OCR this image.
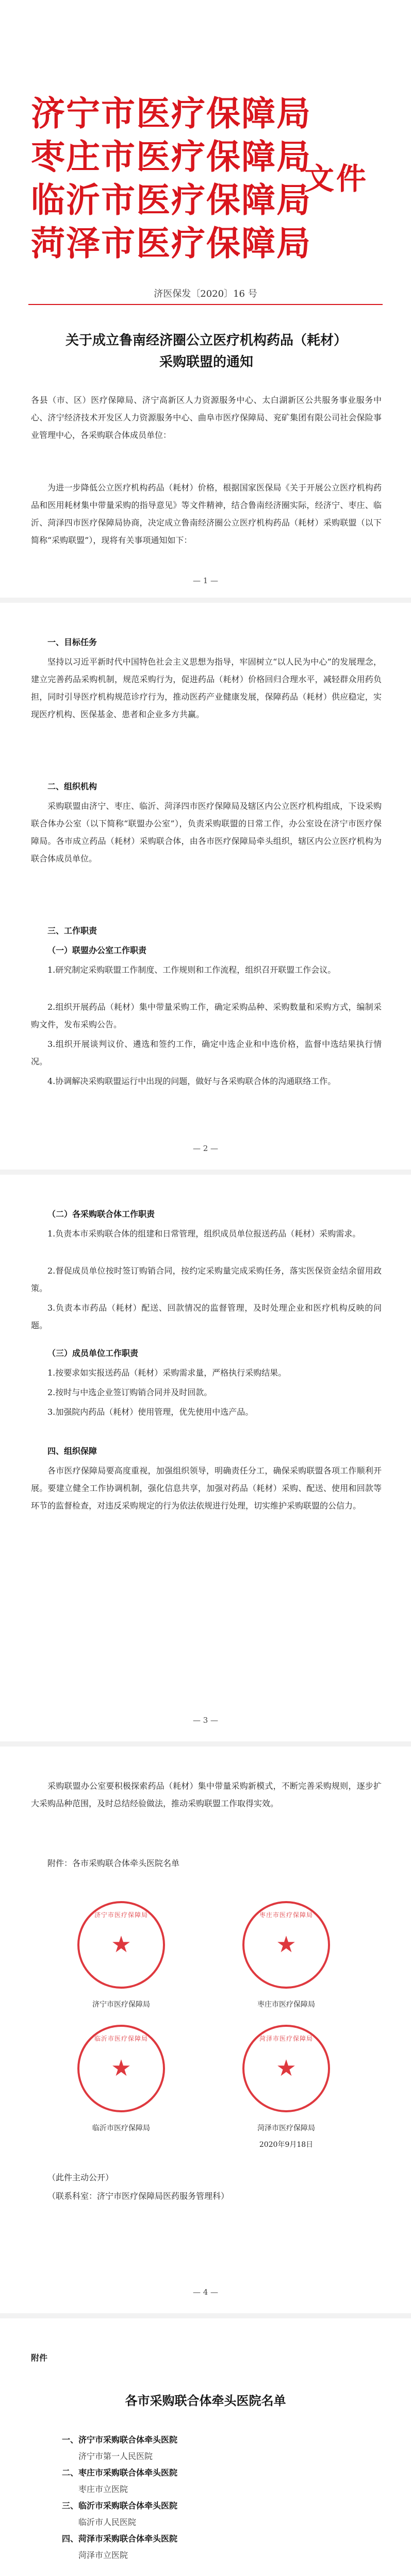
济宁市医疗保障局
枣庄市医疗保障局
临沂市医疗保障局
菏泽市医疗保障局
文件
济医保发〔2020〕16 号
关于成立鲁南经济圈公立医疗机构药品（耗材）
采购联盟的通知
各县（市、区）医疗保障局、济宁高新区人力资源服务中心、太白湖新区公共服务事业服务中心、济宁经济技术开发区人力资源服务中心、曲阜市医疗保障局、兖矿集团有限公司社会保险事业管理中心，各采购联合体成员单位：
为进一步降低公立医疗机构药品（耗材）价格，根据国家医保局《关于开展公立医疗机构药品和医用耗材集中带量采购的指导意见》等文件精神，结合鲁南经济圈实际，经济宁、枣庄、临沂、菏泽四市医疗保障局协商，决定成立鲁南经济圈公立医疗机构药品（耗材）采购联盟（以下简称“采购联盟”），现将有关事项通知如下：
— 1 —
一、目标任务
坚持以习近平新时代中国特色社会主义思想为指导，牢固树立“以人民为中心”的发展理念，建立完善药品采购机制，规范采购行为，促进药品（耗材）价格回归合理水平，减轻群众用药负担，同时引导医疗机构规范诊疗行为，推动医药产业健康发展，保障药品（耗材）供应稳定，实现医疗机构、医保基金、患者和企业多方共赢。
二、组织机构
采购联盟由济宁、枣庄、临沂、菏泽四市医疗保障局及辖区内公立医疗机构组成，下设采购联合体办公室（以下简称“联盟办公室”），负责采购联盟的日常工作，办公室设在济宁市医疗保障局。各市成立药品（耗材）采购联合体，由各市医疗保障局牵头组织，辖区内公立医疗机构为联合体成员单位。
三、工作职责
（一）联盟办公室工作职责
1.研究制定采购联盟工作制度、工作规则和工作流程，组织召开联盟工作会议。
2.组织开展药品（耗材）集中带量采购工作，确定采购品种、采购数量和采购方式，编制采购文件，发布采购公告。
3.组织开展谈判议价、遴选和签约工作，确定中选企业和中选价格，监督中选结果执行情况。
4.协调解决采购联盟运行中出现的问题，做好与各采购联合体的沟通联络工作。
— 2 —
（二）各采购联合体工作职责
1.负责本市采购联合体的组建和日常管理，组织成员单位报送药品（耗材）采购需求。
2.督促成员单位按时签订购销合同，按约定采购量完成采购任务，落实医保资金结余留用政策。
3.负责本市药品（耗材）配送、回款情况的监督管理，及时处理企业和医疗机构反映的问题。
（三）成员单位工作职责
1.按要求如实报送药品（耗材）采购需求量，严格执行采购结果。
2.按时与中选企业签订购销合同并及时回款。
3.加强院内药品（耗材）使用管理，优先使用中选产品。
四、组织保障
各市医疗保障局要高度重视，加强组织领导，明确责任分工，确保采购联盟各项工作顺利开展。要建立健全工作协调机制，强化信息共享，加强对药品（耗材）采购、配送、使用和回款等环节的监督检查，对违反采购规定的行为依法依规进行处理，切实维护采购联盟的公信力。
— 3 —
采购联盟办公室要积极探索药品（耗材）集中带量采购新模式，不断完善采购规则，逐步扩大采购品种范围，及时总结经验做法，推动采购联盟工作取得实效。
附件：各市采购联合体牵头医院名单
济宁市医疗保障局
★
济宁市医疗保障局
枣庄市医疗保障局
★
枣庄市医疗保障局
临沂市医疗保障局
★
临沂市医疗保障局
菏泽市医疗保障局
★
菏泽市医疗保障局
2020年9月18日
（此件主动公开）
（联系科室：济宁市医疗保障局医药服务管理科）
— 4 —
附件
各市采购联合体牵头医院名单
一、济宁市采购联合体牵头医院
济宁市第一人民医院
二、枣庄市采购联合体牵头医院
枣庄市立医院
三、临沂市采购联合体牵头医院
临沂市人民医院
四、菏泽市采购联合体牵头医院
菏泽市立医院
